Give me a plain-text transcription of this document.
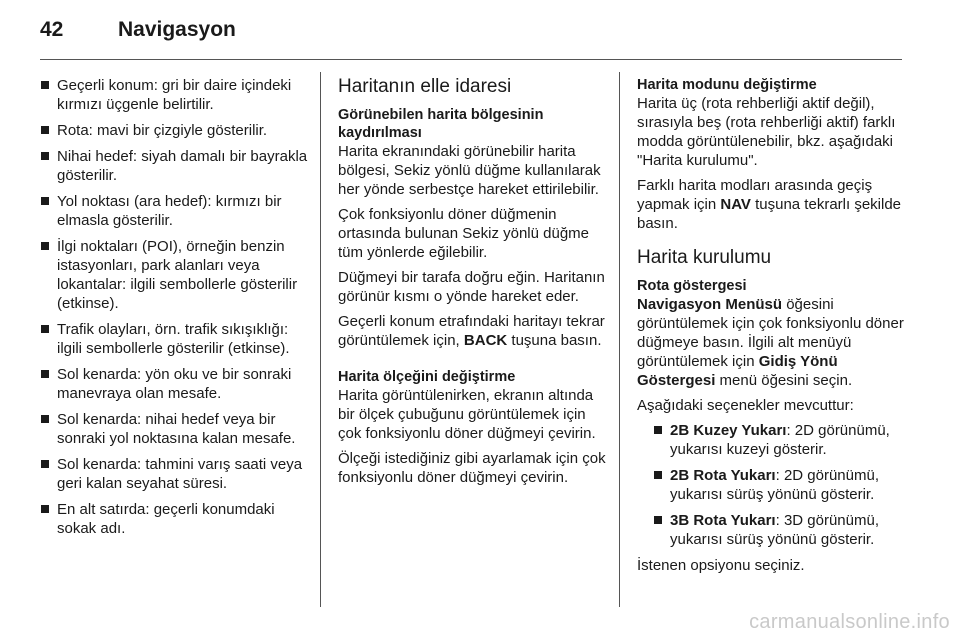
42	Navigasyon
Geçerli konum: gri bir daire içindeki kırmızı üçgenle belirtilir.
Rota: mavi bir çizgiyle gösterilir.
Nihai hedef: siyah damalı bir bayrakla gösterilir.
Yol noktası (ara hedef): kırmızı bir elmasla gösterilir.
İlgi noktaları (POI), örneğin benzin istasyonları, park alanları veya lokantalar: ilgili sembollerle gösterilir (etkinse).
Trafik olayları, örn. trafik sıkışıklığı: ilgili sembollerle gösterilir (etkinse).
Sol kenarda: yön oku ve bir sonraki manevraya olan mesafe.
Sol kenarda: nihai hedef veya bir sonraki yol noktasına kalan mesafe.
Sol kenarda: tahmini varış saati veya geri kalan seyahat süresi.
En alt satırda: geçerli konumdaki sokak adı.
Haritanın elle idaresi
Görünebilen harita bölgesinin kaydırılması

Harita ekranındaki görünebilir harita bölgesi, Sekiz yönlü düğme kullanılarak her yönde serbestçe hareket ettirilebilir.

Çok fonksiyonlu döner düğmenin ortasında bulunan Sekiz yönlü düğme tüm yönlerde eğilebilir.

Düğmeyi bir tarafa doğru eğin. Haritanın görünür kısmı o yönde hareket eder.

Geçerli konum etrafındaki haritayı tekrar görüntülemek için, BACK tuşuna basın.

Harita ölçeğini değiştirme

Harita görüntülenirken, ekranın altında bir ölçek çubuğunu görüntülemek için çok fonksiyonlu döner düğmeyi çevirin.

Ölçeği istediğiniz gibi ayarlamak için çok fonksiyonlu döner düğmeyi çevirin.

Harita modunu değiştirme

Harita üç (rota rehberliği aktif değil), sırasıyla beş (rota rehberliği aktif) farklı modda görüntülenebilir, bkz. aşağıdaki "Harita kurulumu".

Farklı harita modları arasında geçiş yapmak için NAV tuşuna tekrarlı şekilde basın.

Harita kurulumu
Rota göstergesi

Navigasyon Menüsü öğesini görüntülemek için çok fonksiyonlu döner düğmeye basın. İlgili alt menüyü görüntülemek için Gidiş Yönü Göstergesi menü öğesini seçin.

Aşağıdaki seçenekler mevcuttur:

2B Kuzey Yukarı: 2D görünümü, yukarısı kuzeyi gösterir.
2B Rota Yukarı: 2D görünümü, yukarısı sürüş yönünü gösterir.
3B Rota Yukarı: 3D görünümü, yukarısı sürüş yönünü gösterir.

İstenen opsiyonu seçiniz.

carmanualsonline.info
